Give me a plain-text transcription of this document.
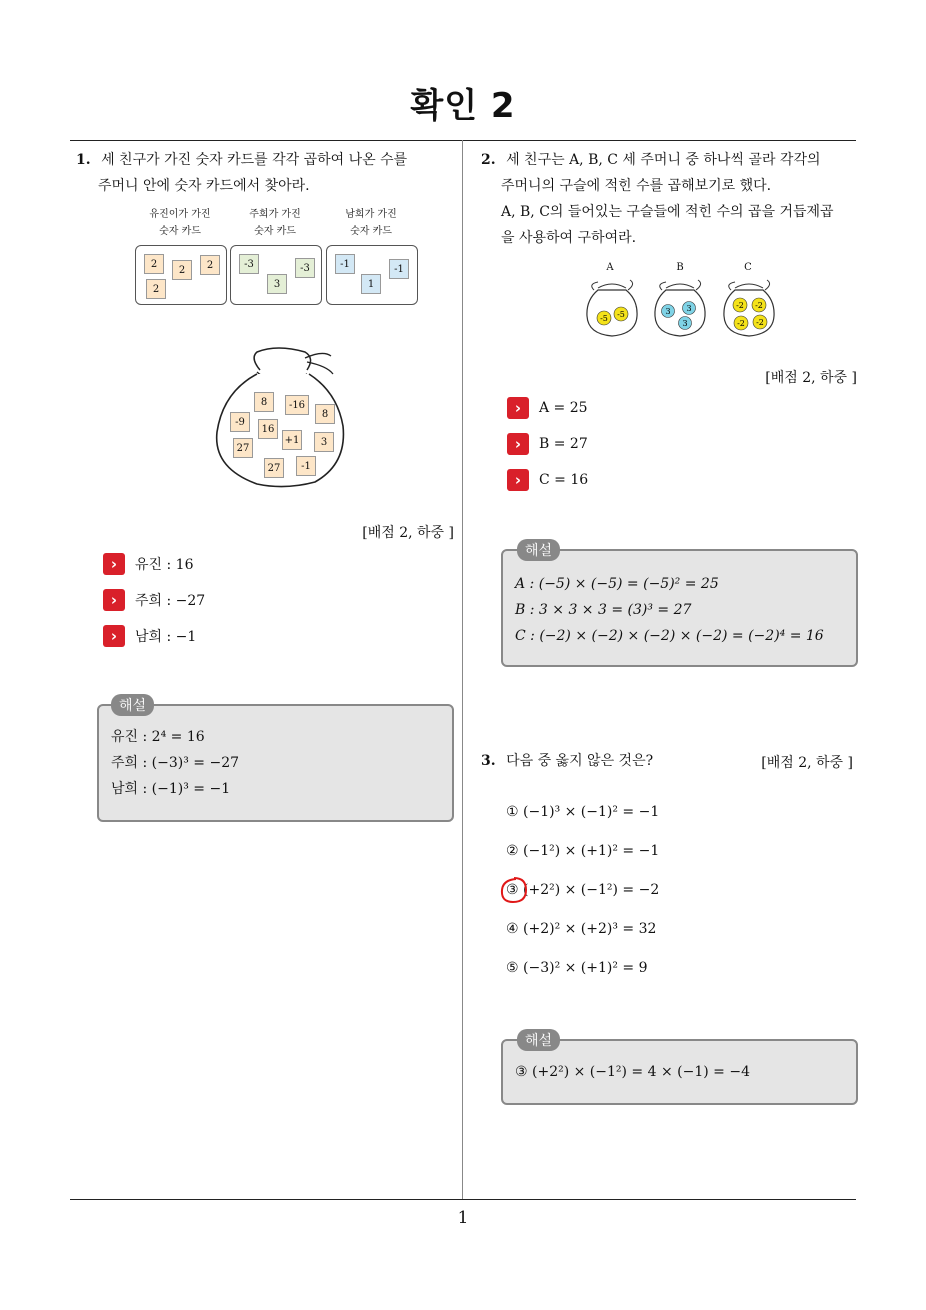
확인 2
1
1. 세 친구가 가진 숫자 카드를 각각 곱하여 나온 수를
주머니 안에 숫자 카드에서 찾아라.
유진이가 가진
숫자 카드
주희가 가진
숫자 카드
남희가 가진
숫자 카드
2
2	2
2
-3	-3
3
-1	-1
1
8	-16
8
-9
16
27
+1	3
27	-1
[배점 2, 하중 ]
›	유진 : 16
›	주희 : −27
›	남희 : −1
해설
유진 : 2⁴ = 16
주희 : (−3)³ = −27
남희 : (−1)³ = −1
2. 세 친구는 A, B, C 세 주머니 중 하나씩 골라 각각의
주머니의 구슬에 적힌 수를 곱해보기로 했다.
A, B, C의 들어있는 구슬들에 적힌 수의 곱을 거듭제곱
을 사용하여 구하여라.
A	B	C
-5 -5	3 3
3
-2 -2
-2 -2
[배점 2, 하중 ]
›	A = 25
›	B = 27
›	C = 16
해설
A : (−5) × (−5) = (−5)² = 25
B : 3 × 3 × 3 = (3)³ = 27
C : (−2) × (−2) × (−2) × (−2) = (−2)⁴ = 16
3. 다음 중 옳지 않은 것은?	[배점 2, 하중 ]
① (−1)³ × (−1)² = −1
② (−1²) × (+1)² = −1
③ (+2²) × (−1²) = −2
④ (+2)² × (+2)³ = 32
⑤ (−3)² × (+1)² = 9
해설
③ (+2²) × (−1²) = 4 × (−1) = −4
